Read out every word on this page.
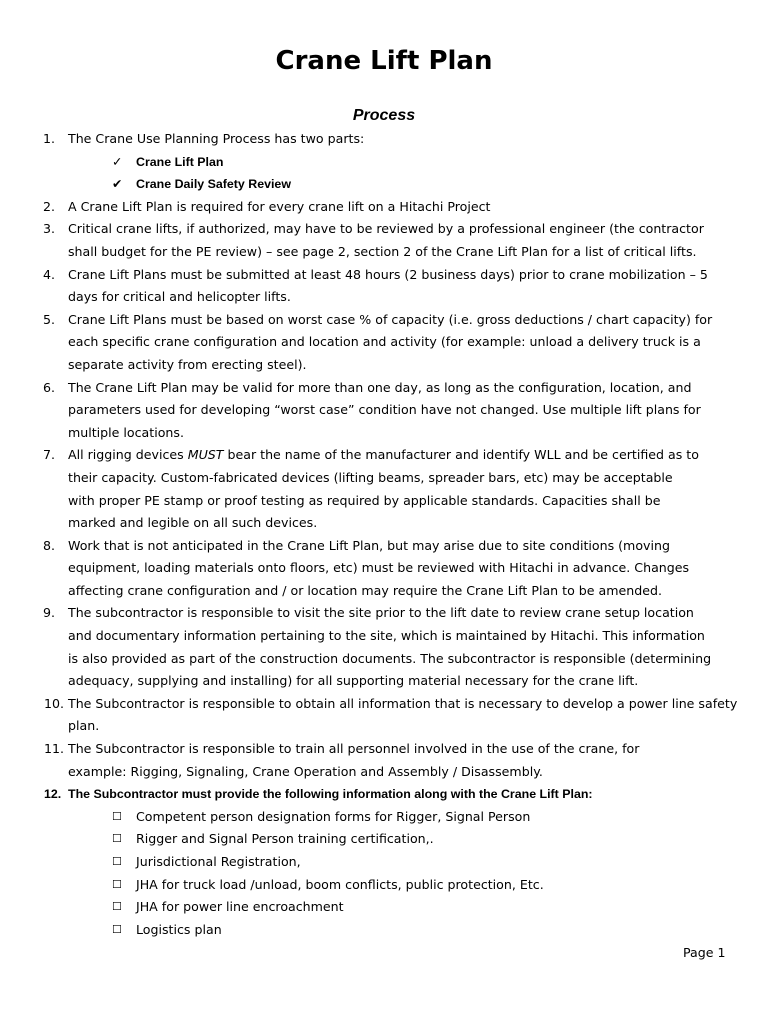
Crane Lift Plan
Process
1. The Crane Use Planning Process has two parts:
✓ Crane Lift Plan
✔ Crane Daily Safety Review
2. A Crane Lift Plan is required for every crane lift on a Hitachi Project
3. Critical crane lifts, if authorized, may have to be reviewed by a professional engineer (the contractor
shall budget for the PE review) – see page 2, section 2 of the Crane Lift Plan for a list of critical lifts.
4. Crane Lift Plans must be submitted at least 48 hours (2 business days) prior to crane mobilization – 5
days for critical and helicopter lifts.
5. Crane Lift Plans must be based on worst case % of capacity (i.e. gross deductions / chart capacity) for
each specific crane configuration and location and activity (for example: unload a delivery truck is a
separate activity from erecting steel).
6. The Crane Lift Plan may be valid for more than one day, as long as the configuration, location, and
parameters used for developing “worst case” condition have not changed. Use multiple lift plans for
multiple locations.
7. All rigging devices MUST bear the name of the manufacturer and identify WLL and be certified as to
their capacity. Custom-fabricated devices (lifting beams, spreader bars, etc) may be acceptable
with proper PE stamp or proof testing as required by applicable standards. Capacities shall be
marked and legible on all such devices.
8. Work that is not anticipated in the Crane Lift Plan, but may arise due to site conditions (moving
equipment, loading materials onto floors, etc) must be reviewed with Hitachi in advance. Changes
affecting crane configuration and / or location may require the Crane Lift Plan to be amended.
9. The subcontractor is responsible to visit the site prior to the lift date to review crane setup location
and documentary information pertaining to the site, which is maintained by Hitachi. This information
is also provided as part of the construction documents. The subcontractor is responsible (determining
adequacy, supplying and installing) for all supporting material necessary for the crane lift.
10. The Subcontractor is responsible to obtain all information that is necessary to develop a power line safety
plan.
11. The Subcontractor is responsible to train all personnel involved in the use of the crane, for
example: Rigging, Signaling, Crane Operation and Assembly / Disassembly.
12. The Subcontractor must provide the following information along with the Crane Lift Plan:
☐ Competent person designation forms for Rigger, Signal Person
☐ Rigger and Signal Person training certification,.
☐ Jurisdictional Registration,
☐ JHA for truck load /unload, boom conflicts, public protection, Etc.
☐ JHA for power line encroachment
☐ Logistics plan
Page 1
